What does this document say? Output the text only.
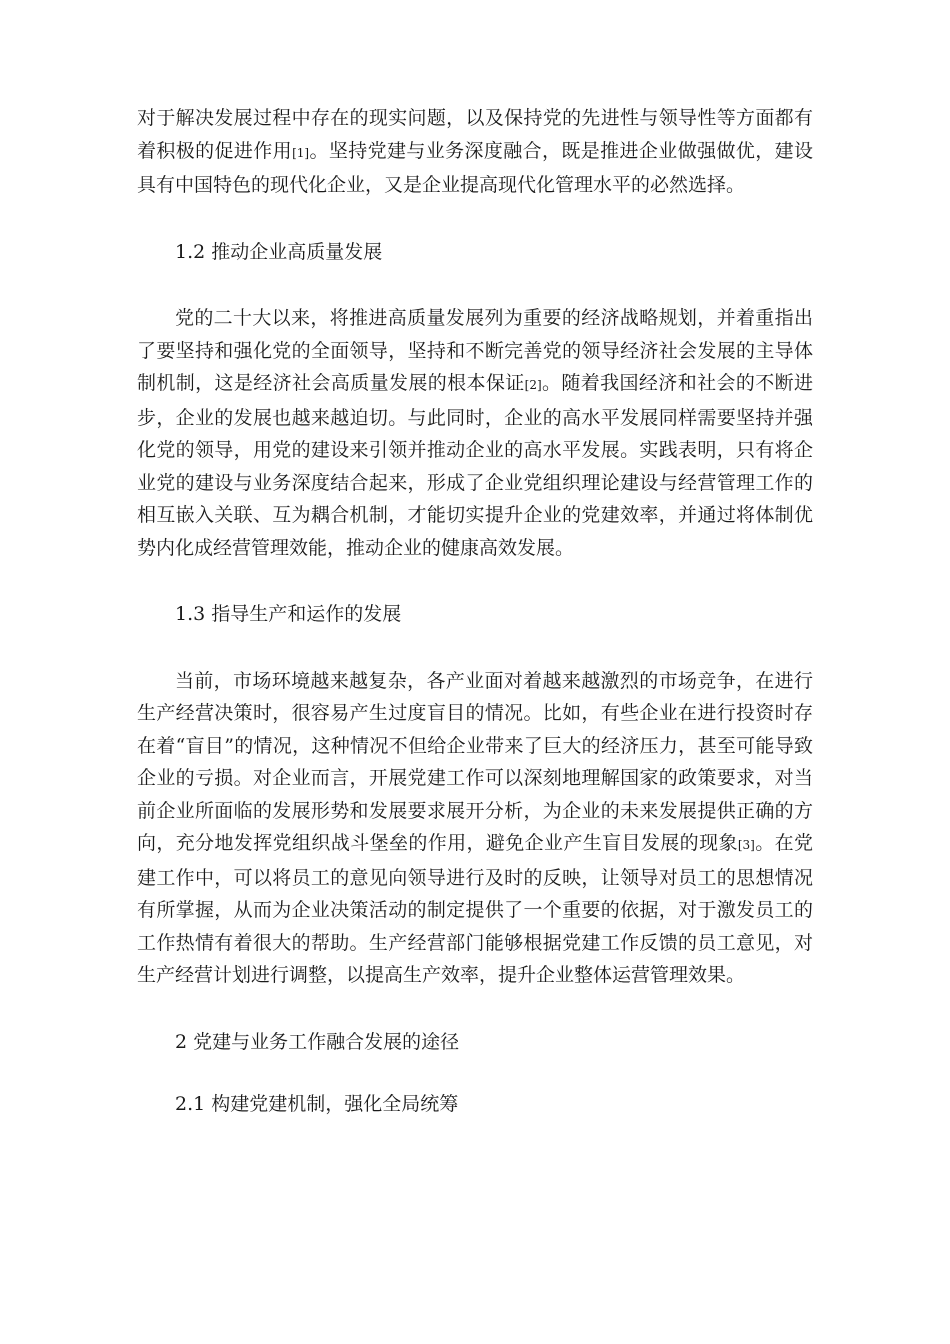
对于解决发展过程中存在的现实问题，以及保持党的先进性与领导性等方面都有着积极的促进作用[1]。坚持党建与业务深度融合，既是推进企业做强做优，建设具有中国特色的现代化企业，又是企业提高现代化管理水平的必然选择。

1.2 推动企业高质量发展

党的二十大以来，将推进高质量发展列为重要的经济战略规划，并着重指出了要坚持和强化党的全面领导，坚持和不断完善党的领导经济社会发展的主导体制机制，这是经济社会高质量发展的根本保证[2]。随着我国经济和社会的不断进步，企业的发展也越来越迫切。与此同时，企业的高水平发展同样需要坚持并强化党的领导，用党的建设来引领并推动企业的高水平发展。实践表明，只有将企业党的建设与业务深度结合起来，形成了企业党组织理论建设与经营管理工作的相互嵌入关联、互为耦合机制，才能切实提升企业的党建效率，并通过将体制优势内化成经营管理效能，推动企业的健康高效发展。

1.3 指导生产和运作的发展

当前，市场环境越来越复杂，各产业面对着越来越激烈的市场竞争，在进行生产经营决策时，很容易产生过度盲目的情况。比如，有些企业在进行投资时存在着“盲目”的情况，这种情况不但给企业带来了巨大的经济压力，甚至可能导致企业的亏损。对企业而言，开展党建工作可以深刻地理解国家的政策要求，对当前企业所面临的发展形势和发展要求展开分析，为企业的未来发展提供正确的方向，充分地发挥党组织战斗堡垒的作用，避免企业产生盲目发展的现象[3]。在党建工作中，可以将员工的意见向领导进行及时的反映，让领导对员工的思想情况有所掌握，从而为企业决策活动的制定提供了一个重要的依据，对于激发员工的工作热情有着很大的帮助。生产经营部门能够根据党建工作反馈的员工意见，对生产经营计划进行调整，以提高生产效率，提升企业整体运营管理效果。

2 党建与业务工作融合发展的途径

2.1 构建党建机制，强化全局统筹
